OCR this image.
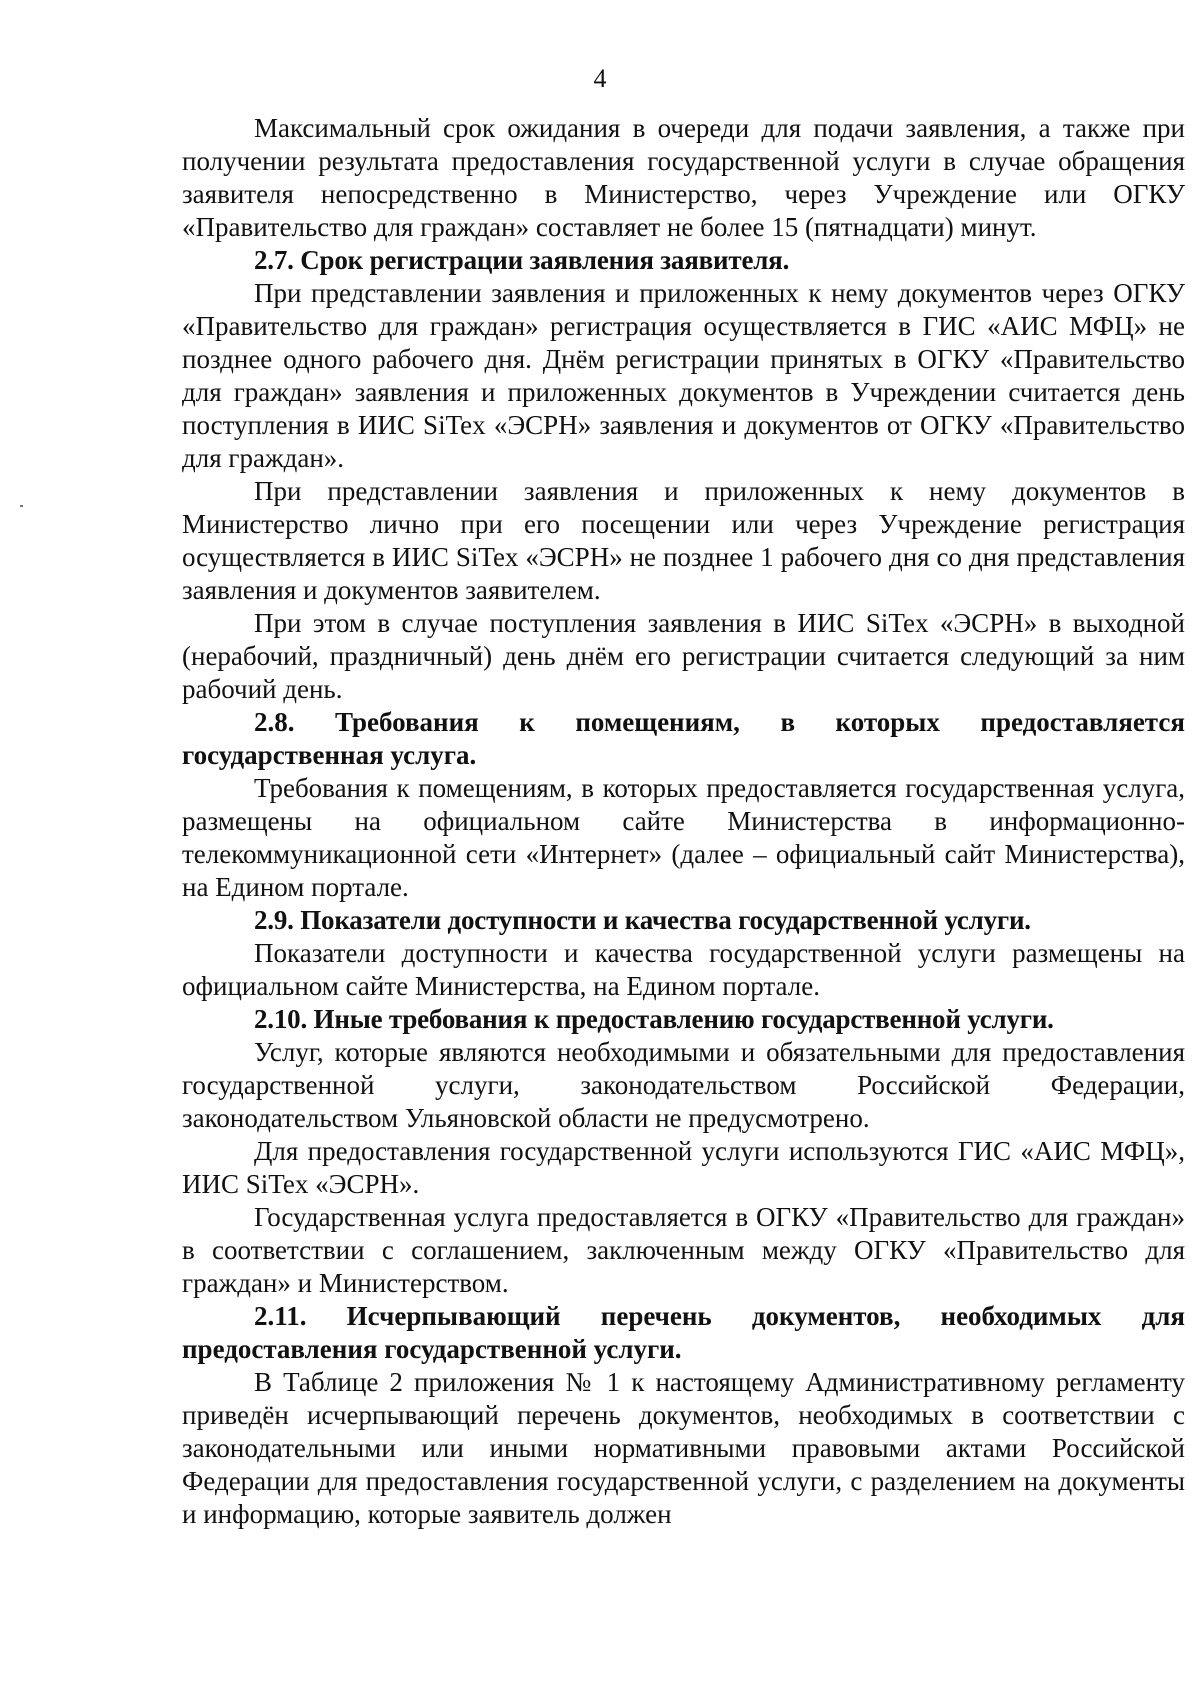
4

Максимальный срок ожидания в очереди для подачи заявления, а также при получении результата предоставления государственной услуги в случае обращения заявителя непосредственно в Министерство, через Учреждение или ОГКУ «Правительство для граждан» составляет не более 15 (пятнадцати) минут.

2.7. Срок регистрации заявления заявителя.

При представлении заявления и приложенных к нему документов через ОГКУ «Правительство для граждан» регистрация осуществляется в ГИС «АИС МФЦ» не позднее одного рабочего дня. Днём регистрации принятых в ОГКУ «Правительство для граждан» заявления и приложенных документов в Учреждении считается день поступления в ИИС SiTex «ЭСРН» заявления и документов от ОГКУ «Правительство для граждан».

При представлении заявления и приложенных к нему документов в Министерство лично при его посещении или через Учреждение регистрация осуществляется в ИИС SiTex «ЭСРН» не позднее 1 рабочего дня со дня представления заявления и документов заявителем.

При этом в случае поступления заявления в ИИС SiTex «ЭСРН» в выходной (нерабочий, праздничный) день днём его регистрации считается следующий за ним рабочий день.

2.8. Требования к помещениям, в которых предоставляется государственная услуга.

Требования к помещениям, в которых предоставляется государственная услуга, размещены на официальном сайте Министерства в информационно-телекоммуникационной сети «Интернет» (далее – официальный сайт Министерства), на Едином портале.

2.9. Показатели доступности и качества государственной услуги.

Показатели доступности и качества государственной услуги размещены на официальном сайте Министерства, на Едином портале.

2.10. Иные требования к предоставлению государственной услуги.

Услуг, которые являются необходимыми и обязательными для предоставления государственной услуги, законодательством Российской Федерации, законодательством Ульяновской области не предусмотрено.

Для предоставления государственной услуги используются ГИС «АИС МФЦ», ИИС SiTex «ЭСРН».

Государственная услуга предоставляется в ОГКУ «Правительство для граждан» в соответствии с соглашением, заключенным между ОГКУ «Правительство для граждан» и Министерством.

2.11. Исчерпывающий перечень документов, необходимых для предоставления государственной услуги.

В Таблице 2 приложения № 1 к настоящему Административному регламенту приведён исчерпывающий перечень документов, необходимых в соответствии с законодательными или иными нормативными правовыми актами Российской Федерации для предоставления государственной услуги, с разделением на документы и информацию, которые заявитель должен
